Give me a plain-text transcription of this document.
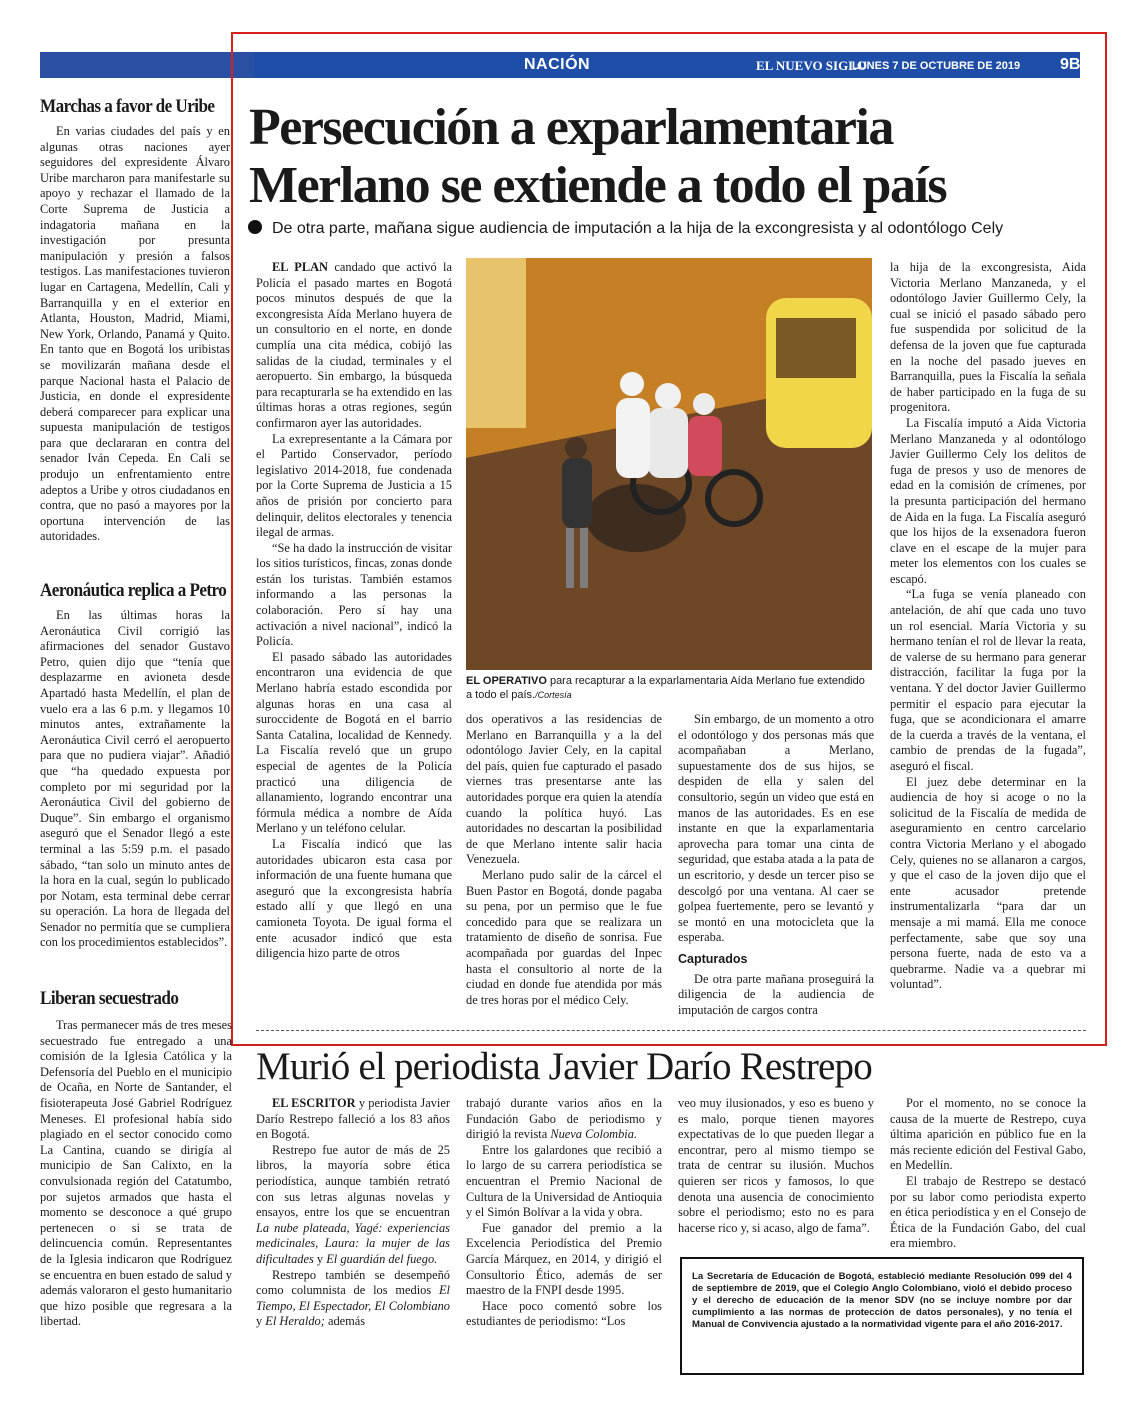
NACIÓN	EL NUEVO SIGLO
LUNES 7 DE OCTUBRE DE 2019 9B
Marchas a favor de Uribe

En varias ciudades del país y en algunas otras naciones ayer seguidores del expresidente Álvaro Uribe marcharon para manifestarle su apoyo y rechazar el llamado de la Corte Suprema de Justicia a indagatoria mañana en la investigación por presunta manipulación y presión a falsos testigos. Las manifestaciones tuvieron lugar en Cartagena, Medellín, Cali y Barranquilla y en el exterior en Atlanta, Houston, Madrid, Miami, New York, Orlando, Panamá y Quito. En tanto que en Bogotá los uribistas se movilizarán mañana desde el parque Nacional hasta el Palacio de Justicia, en donde el expresidente deberá comparecer para explicar una supuesta manipulación de testigos para que declararan en contra del senador Iván Cepeda. En Cali se produjo un enfrentamiento entre adeptos a Uribe y otros ciudadanos en contra, que no pasó a mayores por la oportuna intervención de las autoridades.

Aeronáutica replica a Petro

En las últimas horas la Aeronáutica Civil corrigió las afirmaciones del senador Gustavo Petro, quien dijo que “tenía que desplazarme en avioneta desde Apartadó hasta Medellín, el plan de vuelo era a las 6 p.m. y llegamos 10 minutos antes, extrañamente la Aeronáutica Civil cerró el aeropuerto para que no pudiera viajar”. Añadió que “ha quedado expuesta por completo por mi seguridad por la Aeronáutica Civil del gobierno de Duque”. Sin embargo el organismo aseguró que el Senador llegó a este terminal a las 5:59 p.m. el pasado sábado, “tan solo un minuto antes de la hora en la cual, según lo publicado por Notam, esta terminal debe cerrar su operación. La hora de llegada del Senador no permitía que se cumpliera con los procedimientos establecidos”.

Liberan secuestrado

Tras permanecer más de tres meses secuestrado fue entregado a una comisión de la Iglesia Católica y la Defensoría del Pueblo en el municipio de Ocaña, en Norte de Santander, el fisioterapeuta José Gabriel Rodríguez Meneses. El profesional había sido plagiado en el sector conocido como La Cantina, cuando se dirigía al municipio de San Calixto, en la convulsionada región del Catatumbo, por sujetos armados que hasta el momento se desconoce a qué grupo pertenecen o si se trata de delincuencia común. Representantes de la Iglesia indicaron que Rodríguez se encuentra en buen estado de salud y además valoraron el gesto humanitario que hizo posible que regresara a la libertad.

Persecución a exparlamentaria
Merlano se extiende a todo el país
De otra parte, mañana sigue audiencia de imputación a la hija de la excongresista y al odontólogo Cely

EL PLAN candado que activó la Policía el pasado martes en Bogotá pocos minutos después de que la excongresista Aída Merlano huyera de un consultorio en el norte, en donde cumplía una cita médica, cobijó las salidas de la ciudad, terminales y el aeropuerto. Sin embargo, la búsqueda para recapturarla se ha extendido en las últimas horas a otras regiones, según confirmaron ayer las autoridades.

La exrepresentante a la Cámara por el Partido Conservador, período legislativo 2014-2018, fue condenada por la Corte Suprema de Justicia a 15 años de prisión por concierto para delinquir, delitos electorales y tenencia ilegal de armas.

“Se ha dado la instrucción de visitar los sitios turísticos, fincas, zonas donde están los turistas. También estamos informando a las personas la colaboración. Pero sí hay una activación a nivel nacional”, indicó la Policía.

El pasado sábado las autoridades encontraron una evidencia de que Merlano habría estado escondida por algunas horas en una casa al suroccidente de Bogotá en el barrio Santa Catalina, localidad de Kennedy. La Fiscalía reveló que un grupo especial de agentes de la Policía practicó una diligencia de allanamiento, logrando encontrar una fórmula médica a nombre de Aída Merlano y un teléfono celular.

La Fiscalía indicó que las autoridades ubicaron esta casa por información de una fuente humana que aseguró que la excongresista habría estado allí y que llegó en una camioneta Toyota. De igual forma el ente acusador indicó que esta diligencia hizo parte de otros

EL OPERATIVO para recapturar a la exparlamentaria Aída Merlano fue extendido a todo el país./Cortesía

dos operativos a las residencias de Merlano en Barranquilla y a la del odontólogo Javier Cely, en la capital del país, quien fue capturado el pasado viernes tras presentarse ante las autoridades porque era quien la atendía cuando la política huyó. Las autoridades no descartan la posibilidad de que Merlano intente salir hacia Venezuela.

Merlano pudo salir de la cárcel el Buen Pastor en Bogotá, donde pagaba su pena, por un permiso que le fue concedido para que se realizara un tratamiento de diseño de sonrisa. Fue acompañada por guardas del Inpec hasta el consultorio al norte de la ciudad en donde fue atendida por más de tres horas por el médico Cely.

Sin embargo, de un momento a otro el odontólogo y dos personas más que acompañaban a Merlano, supuestamente dos de sus hijos, se despiden de ella y salen del consultorio, según un video que está en manos de las autoridades. Es en ese instante en que la exparlamentaria aprovecha para tomar una cinta de seguridad, que estaba atada a la pata de un escritorio, y desde un tercer piso se descolgó por una ventana. Al caer se golpea fuertemente, pero se levantó y se montó en una motocicleta que la esperaba.

Capturados

De otra parte mañana proseguirá la diligencia de la audiencia de imputación de cargos contra

la hija de la excongresista, Aida Victoria Merlano Manzaneda, y el odontólogo Javier Guillermo Cely, la cual se inició el pasado sábado pero fue suspendida por solicitud de la defensa de la joven que fue capturada en la noche del pasado jueves en Barranquilla, pues la Fiscalía la señala de haber participado en la fuga de su progenitora.

La Fiscalía imputó a Aida Victoria Merlano Manzaneda y al odontólogo Javier Guillermo Cely los delitos de fuga de presos y uso de menores de edad en la comisión de crímenes, por la presunta participación del hermano de Aida en la fuga. La Fiscalía aseguró que los hijos de la exsenadora fueron clave en el escape de la mujer para meter los elementos con los cuales se escapó.

“La fuga se venía planeado con antelación, de ahí que cada uno tuvo un rol esencial. María Victoria y su hermano tenían el rol de llevar la reata, de valerse de su hermano para generar distracción, facilitar la fuga por la ventana. Y del doctor Javier Guillermo permitir el espacio para ejecutar la fuga, que se acondicionara el amarre de la cuerda a través de la ventana, el cambio de prendas de la fugada”, aseguró el fiscal.

El juez debe determinar en la audiencia de hoy si acoge o no la solicitud de la Fiscalía de medida de aseguramiento en centro carcelario contra Victoria Merlano y el abogado Cely, quienes no se allanaron a cargos, y que el caso de la joven dijo que el ente acusador pretende instrumentalizarla “para dar un mensaje a mi mamá. Ella me conoce perfectamente, sabe que soy una persona fuerte, nada de esto va a quebrarme. Nadie va a quebrar mi voluntad”.

Murió el periodista Javier Darío Restrepo

EL ESCRITOR y periodista Javier Darío Restrepo falleció a los 83 años en Bogotá.

Restrepo fue autor de más de 25 libros, la mayoría sobre ética periodística, aunque también retrató con sus letras algunas novelas y ensayos, entre los que se encuentran La nube plateada, Yagé: experiencias medicinales, Laura: la mujer de las dificultades y El guardián del fuego.

Restrepo también se desempeñó como columnista de los medios El Tiempo, El Espectador, El Colombiano y El Heraldo; además

trabajó durante varios años en la Fundación Gabo de periodismo y dirigió la revista Nueva Colombia.

Entre los galardones que recibió a lo largo de su carrera periodística se encuentran el Premio Nacional de Cultura de la Universidad de Antioquia y el Simón Bolívar a la vida y obra.

Fue ganador del premio a la Excelencia Periodística del Premio García Márquez, en 2014, y dirigió el Consultorio Ético, además de ser maestro de la FNPI desde 1995.

Hace poco comentó sobre los estudiantes de periodismo: “Los

veo muy ilusionados, y eso es bueno y es malo, porque tienen mayores expectativas de lo que pueden llegar a encontrar, pero al mismo tiempo se trata de centrar su ilusión. Muchos quieren ser ricos y famosos, lo que denota una ausencia de conocimiento sobre el periodismo; esto no es para hacerse rico y, si acaso, algo de fama”.

Por el momento, no se conoce la causa de la muerte de Restrepo, cuya última aparición en público fue en la más reciente edición del Festival Gabo, en Medellín.

El trabajo de Restrepo se destacó por su labor como periodista experto en ética periodística y en el Consejo de Ética de la Fundación Gabo, del cual era miembro.

La Secretaría de Educación de Bogotá, estableció mediante Resolución 099 del 4 de septiembre de 2019, que el Colegio Anglo Colombiano, violó el debido proceso y el derecho de educación de la menor SDV (no se incluye nombre por dar cumplimiento a las normas de protección de datos personales), y no tenía el Manual de Convivencia ajustado a la normatividad vigente para el año 2016-2017.
